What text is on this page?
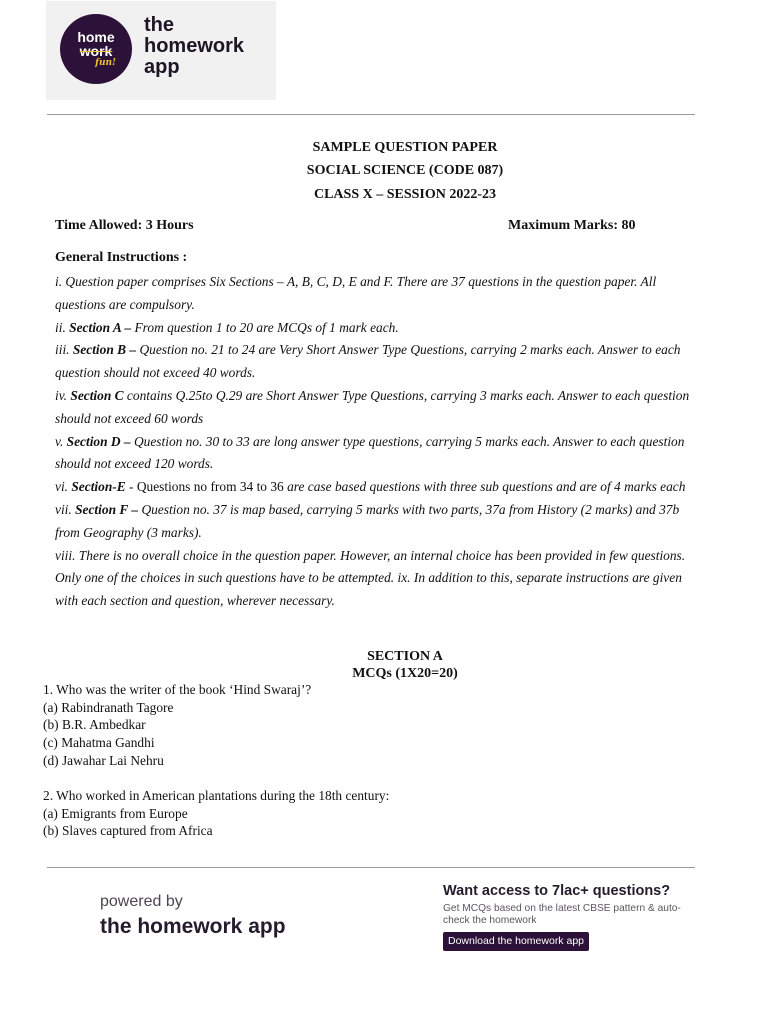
home
work
fun!
the
homework
app
SAMPLE QUESTION PAPER
SOCIAL SCIENCE (CODE 087)
CLASS X – SESSION 2022-23
Time Allowed: 3 Hours	Maximum Marks: 80
General Instructions :

i. Question paper comprises Six Sections – A, B, C, D, E and F. There are 37 questions in the question paper. All questions are compulsory.

ii. Section A – From question 1 to 20 are MCQs of 1 mark each.

iii. Section B – Question no. 21 to 24 are Very Short Answer Type Questions, carrying 2 marks each. Answer to each question should not exceed 40 words.

iv. Section C contains Q.25to Q.29 are Short Answer Type Questions, carrying 3 marks each. Answer to each question should not exceed 60 words

v. Section D – Question no. 30 to 33 are long answer type questions, carrying 5 marks each. Answer to each question should not exceed 120 words.

vi. Section-E - Questions no from 34 to 36 are case based questions with three sub questions and are of 4 marks each

vii. Section F – Question no. 37 is map based, carrying 5 marks with two parts, 37a from History (2 marks) and 37b from Geography (3 marks).

viii. There is no overall choice in the question paper. However, an internal choice has been provided in few questions. Only one of the choices in such questions have to be attempted. ix. In addition to this, separate instructions are given with each section and question, wherever necessary.

SECTION A
MCQs (1X20=20)
1. Who was the writer of the book ‘Hind Swaraj’?
(a) Rabindranath Tagore
(b) B.R. Ambedkar
(c) Mahatma Gandhi
(d) Jawahar Lai Nehru
2. Who worked in American plantations during the 18th century:
(a) Emigrants from Europe
(b) Slaves captured from Africa
powered by
the homework app
Want access to 7lac+ questions?
Get MCQs based on the latest CBSE pattern & auto-check the homework
Download the homework app
